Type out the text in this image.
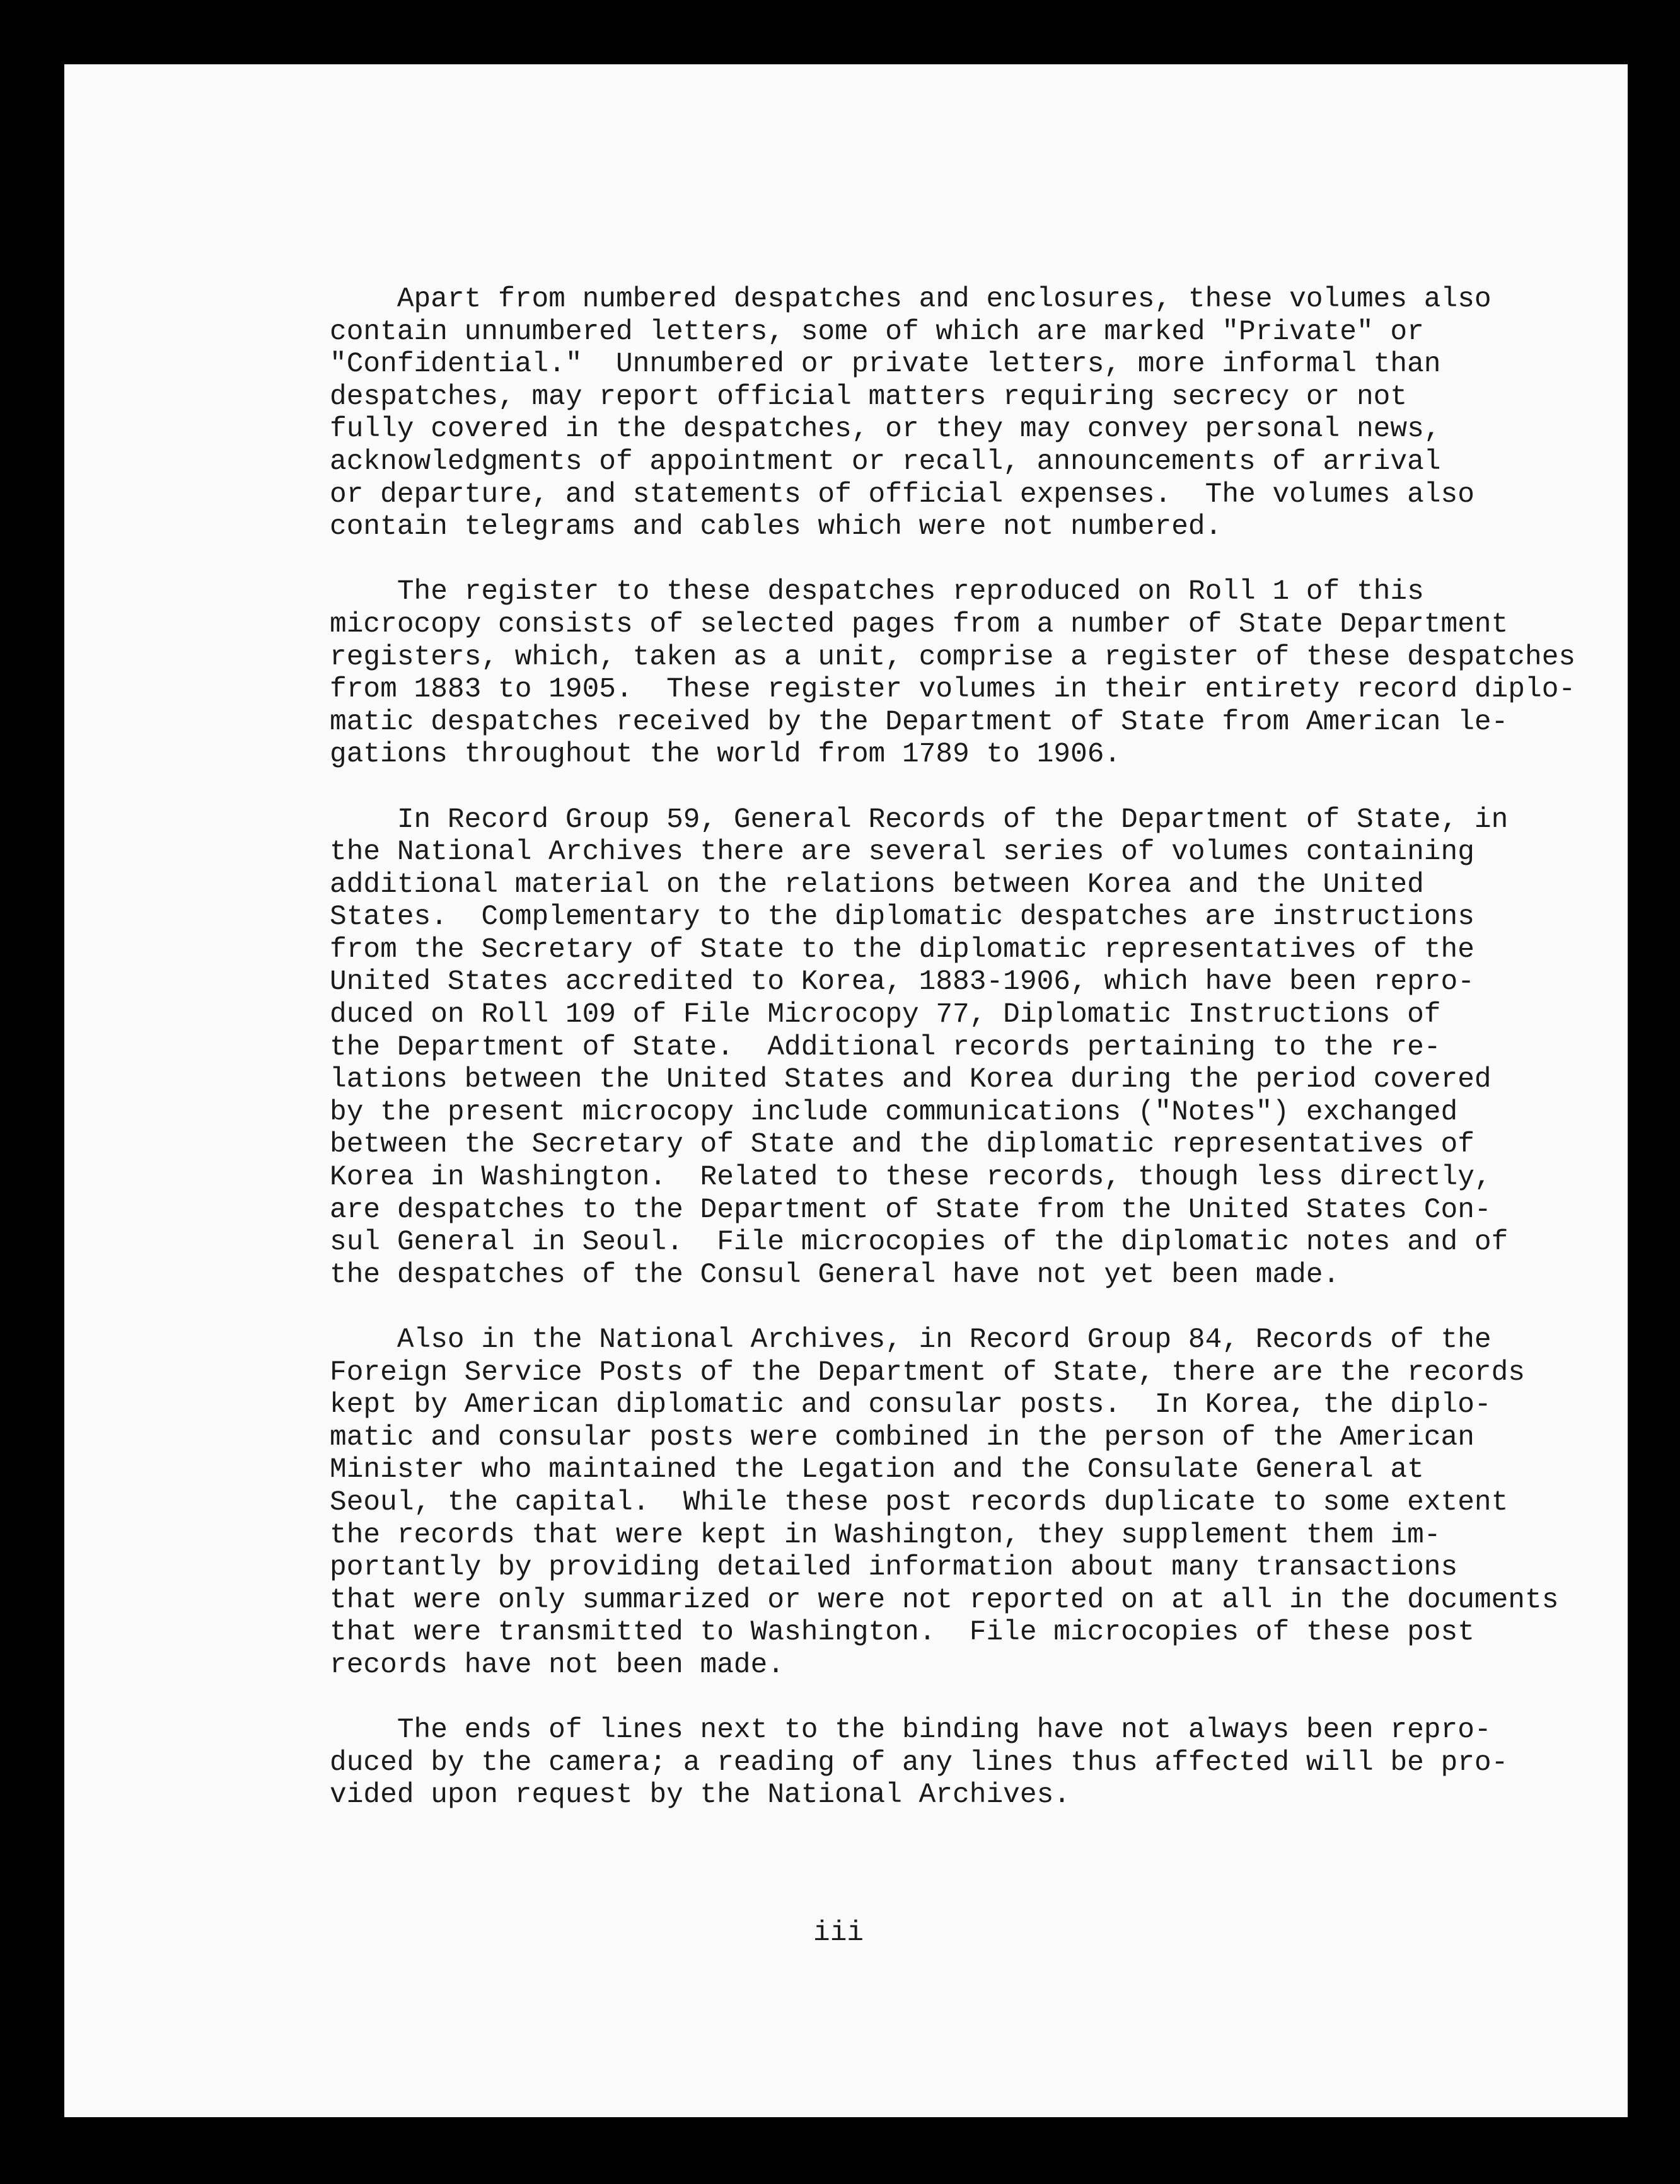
Apart from numbered despatches and enclosures, these volumes also
contain unnumbered letters, some of which are marked "Private" or
"Confidential."  Unnumbered or private letters, more informal than
despatches, may report official matters requiring secrecy or not
fully covered in the despatches, or they may convey personal news,
acknowledgments of appointment or recall, announcements of arrival
or departure, and statements of official expenses.  The volumes also
contain telegrams and cables which were not numbered.
The register to these despatches reproduced on Roll 1 of this
microcopy consists of selected pages from a number of State Department
registers, which, taken as a unit, comprise a register of these despatches
from 1883 to 1905.  These register volumes in their entirety record diplo-
matic despatches received by the Department of State from American le-
gations throughout the world from 1789 to 1906.
In Record Group 59, General Records of the Department of State, in
the National Archives there are several series of volumes containing
additional material on the relations between Korea and the United
States.  Complementary to the diplomatic despatches are instructions
from the Secretary of State to the diplomatic representatives of the
United States accredited to Korea, 1883-1906, which have been repro-
duced on Roll 109 of File Microcopy 77, Diplomatic Instructions of
the Department of State.  Additional records pertaining to the re-
lations between the United States and Korea during the period covered
by the present microcopy include communications ("Notes") exchanged
between the Secretary of State and the diplomatic representatives of
Korea in Washington.  Related to these records, though less directly,
are despatches to the Department of State from the United States Con-
sul General in Seoul.  File microcopies of the diplomatic notes and of
the despatches of the Consul General have not yet been made.
Also in the National Archives, in Record Group 84, Records of the
Foreign Service Posts of the Department of State, there are the records
kept by American diplomatic and consular posts.  In Korea, the diplo-
matic and consular posts were combined in the person of the American
Minister who maintained the Legation and the Consulate General at
Seoul, the capital.  While these post records duplicate to some extent
the records that were kept in Washington, they supplement them im-
portantly by providing detailed information about many transactions
that were only summarized or were not reported on at all in the documents
that were transmitted to Washington.  File microcopies of these post
records have not been made.
The ends of lines next to the binding have not always been repro-
duced by the camera; a reading of any lines thus affected will be pro-
vided upon request by the National Archives.
iii
